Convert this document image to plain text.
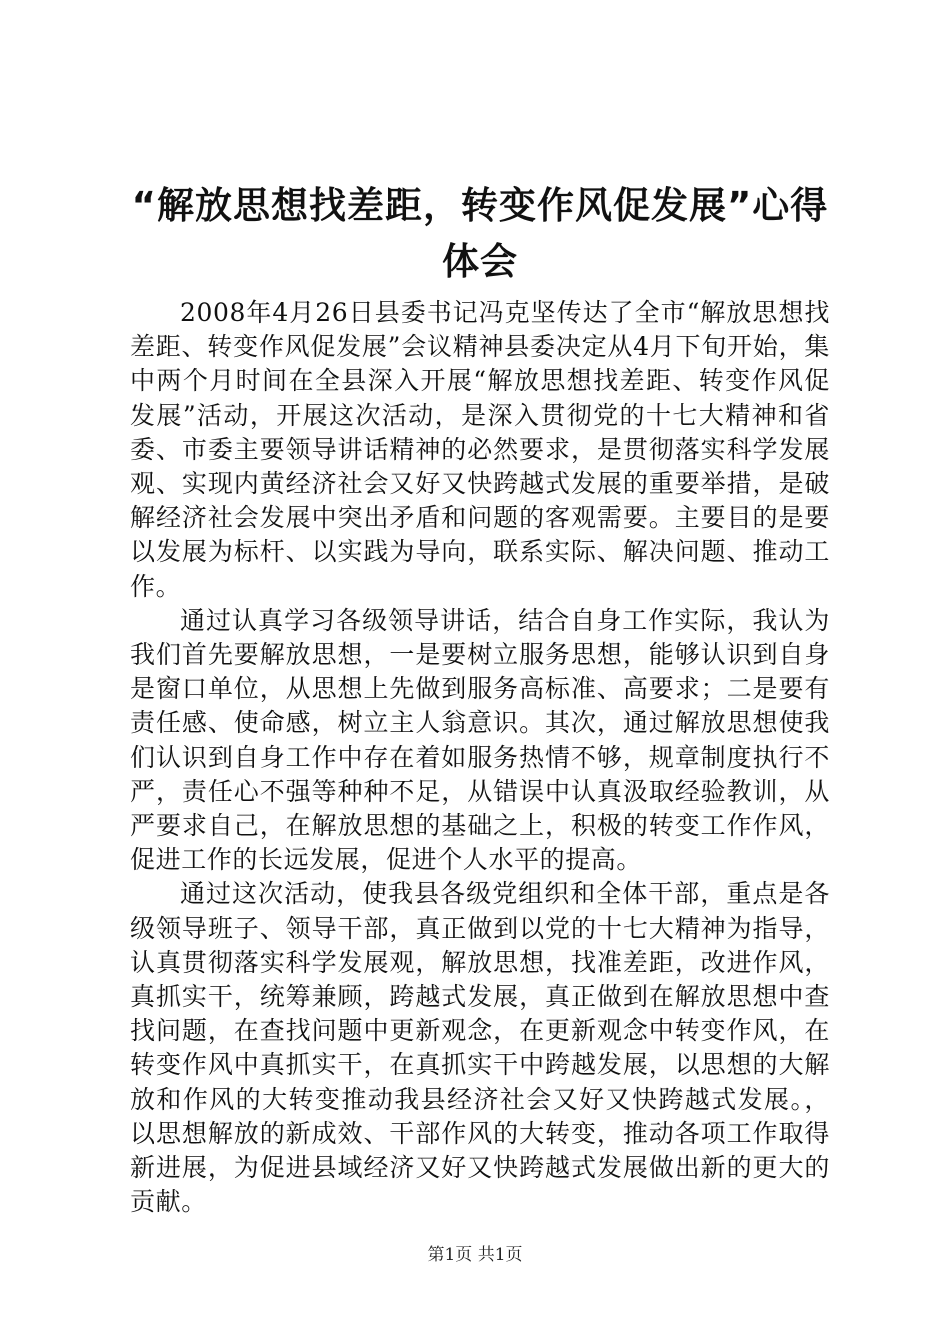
“解放思想找差距，转变作风促发展”心得体会

2008年4月26日县委书记冯克坚传达了全市“解放思想找差距、转变作风促发展”会议精神县委决定从4月下旬开始，集中两个月时间在全县深入开展“解放思想找差距、转变作风促发展”活动，开展这次活动，是深入贯彻党的十七大精神和省委、市委主要领导讲话精神的必然要求，是贯彻落实科学发展观、实现内黄经济社会又好又快跨越式发展的重要举措，是破解经济社会发展中突出矛盾和问题的客观需要。主要目的是要以发展为标杆、以实践为导向，联系实际、解决问题、推动工作。

通过认真学习各级领导讲话，结合自身工作实际，我认为我们首先要解放思想，一是要树立服务思想，能够认识到自身是窗口单位，从思想上先做到服务高标准、高要求；二是要有责任感、使命感，树立主人翁意识。其次，通过解放思想使我们认识到自身工作中存在着如服务热情不够，规章制度执行不严，责任心不强等种种不足，从错误中认真汲取经验教训，从严要求自己，在解放思想的基础之上，积极的转变工作作风，促进工作的长远发展，促进个人水平的提高。

通过这次活动，使我县各级党组织和全体干部，重点是各级领导班子、领导干部，真正做到以党的十七大精神为指导，认真贯彻落实科学发展观，解放思想，找准差距，改进作风，真抓实干，统筹兼顾，跨越式发展，真正做到在解放思想中查找问题，在查找问题中更新观念，在更新观念中转变作风，在转变作风中真抓实干，在真抓实干中跨越发展，以思想的大解放和作风的大转变推动我县经济社会又好又快跨越式发展。，以思想解放的新成效、干部作风的大转变，推动各项工作取得新进展，为促进县域经济又好又快跨越式发展做出新的更大的贡献。

第1页 共1页
